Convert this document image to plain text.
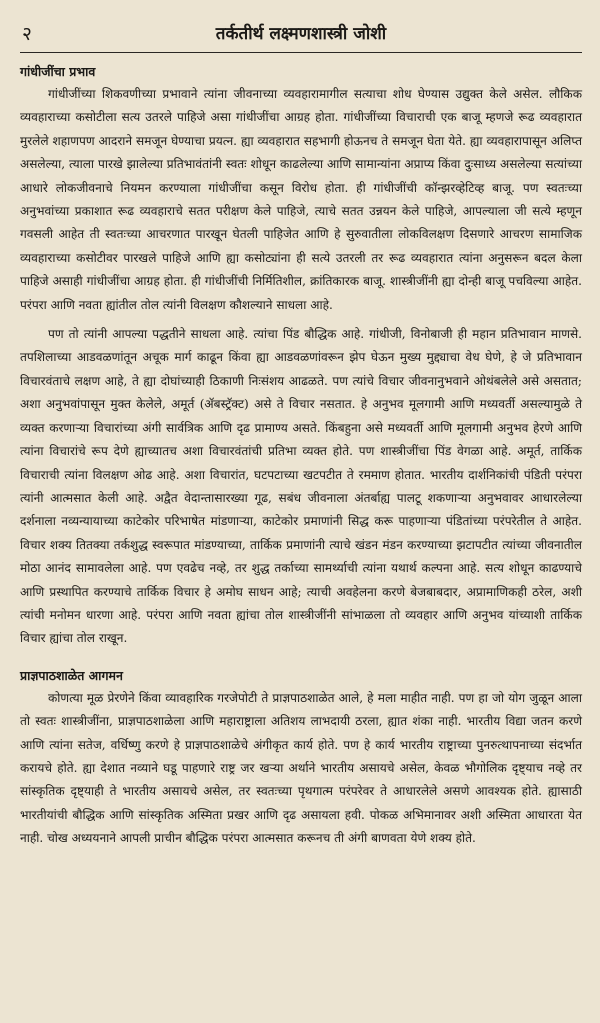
२	तर्कतीर्थ लक्ष्मणशास्त्री जोशी
गांधीजींचा प्रभाव

गांधीजींच्या शिकवणीच्या प्रभावाने त्यांना जीवनाच्या व्यवहारामागील सत्याचा शोध घेण्यास उद्युक्त केले असेल. लौकिक व्यवहाराच्या कसोटीला सत्य उतरले पाहिजे असा गांधीजींचा आग्रह होता. गांधीजींच्या विचाराची एक बाजू म्हणजे रूढ व्यवहारात मुरलेले शहाणपण आदराने समजून घेण्याचा प्रयत्न. ह्या व्यवहारात सहभागी होऊनच ते समजून घेता येते. ह्या व्यवहारापासून अलिप्त असलेल्या, त्याला पारखे झालेल्या प्रतिभावंतांनी स्वतः शोधून काढलेल्या आणि सामान्यांना अप्राप्य किंवा दुःसाध्य असलेल्या सत्यांच्या आधारे लोकजीवनाचे नियमन करण्याला गांधीजींचा कसून विरोध होता. ही गांधीजींची कॉन्झरव्हेटिव्ह बाजू. पण स्वतःच्या अनुभवांच्या प्रकाशात रूढ व्यवहाराचे सतत परीक्षण केले पाहिजे, त्याचे सतत उन्नयन केले पाहिजे, आपल्याला जी सत्ये म्हणून गवसली आहेत ती स्वतःच्या आचरणात पारखून घेतली पाहिजेत आणि हे सुरुवातीला लोकविलक्षण दिसणारे आचरण सामाजिक व्यवहाराच्या कसोटीवर पारखले पाहिजे आणि ह्या कसोट्यांना ही सत्ये उतरली तर रूढ व्यवहारात त्यांना अनुसरून बदल केला पाहिजे असाही गांधीजींचा आग्रह होता. ही गांधीजींची निर्मितिशील, क्रांतिकारक बाजू. शास्त्रीजींनी ह्या दोन्ही बाजू पचविल्या आहेत. परंपरा आणि नवता ह्यांतील तोल त्यांनी विलक्षण कौशल्याने साधला आहे.

पण तो त्यांनी आपल्या पद्धतीने साधला आहे. त्यांचा पिंड बौद्धिक आहे. गांधीजी, विनोबाजी ही महान प्रतिभावान माणसे. तपशिलाच्या आडवळणांतून अचूक मार्ग काढून किंवा ह्या आडवळणांवरून झेप घेऊन मुख्य मुद्द्याचा वेध घेणे, हे जे प्रतिभावान विचारवंताचे लक्षण आहे, ते ह्या दोघांच्याही ठिकाणी निःसंशय आढळते. पण त्यांचे विचार जीवनानुभवाने ओथंबलेले असे असतात; अशा अनुभवांपासून मुक्त केलेले, अमूर्त (ॲबस्ट्रॅक्ट) असे ते विचार नसतात. हे अनुभव मूलगामी आणि मध्यवर्ती असल्यामुळे ते व्यक्त करणाऱ्या विचारांच्या अंगी सार्वत्रिक आणि दृढ प्रामाण्य असते. किंबहुना असे मध्यवर्ती आणि मूलगामी अनुभव हेरणे आणि त्यांना विचारांचे रूप देणे ह्याच्यातच अशा विचारवंतांची प्रतिभा व्यक्त होते. पण शास्त्रीजींचा पिंड वेगळा आहे. अमूर्त, तार्किक विचाराची त्यांना विलक्षण ओढ आहे. अशा विचारांत, घटपटाच्या खटपटीत ते रममाण होतात. भारतीय दार्शनिकांची पंडिती परंपरा त्यांनी आत्मसात केली आहे. अद्वैत वेदान्तासारख्या गूढ, सबंध जीवनाला अंतर्बाह्य पालटू शकणाऱ्या अनुभवावर आधारलेल्या दर्शनाला नव्यन्यायाच्या काटेकोर परिभाषेत मांडणाऱ्या, काटेकोर प्रमाणांनी सिद्ध करू पाहणाऱ्या पंडितांच्या परंपरेतील ते आहेत. विचार शक्य तितक्या तर्कशुद्ध स्वरूपात मांडण्याच्या, तार्किक प्रमाणांनी त्याचे खंडन मंडन करण्याच्या झटापटीत त्यांच्या जीवनातील मोठा आनंद सामावलेला आहे. पण एवढेच नव्हे, तर शुद्ध तर्काच्या सामर्थ्याची त्यांना यथार्थ कल्पना आहे. सत्य शोधून काढण्याचे आणि प्रस्थापित करण्याचे तार्किक विचार हे अमोघ साधन आहे; त्याची अवहेलना करणे बेजबाबदार, अप्रामाणिकही ठरेल, अशी त्यांची मनोमन धारणा आहे. परंपरा आणि नवता ह्यांचा तोल शास्त्रीजींनी सांभाळला तो व्यवहार आणि अनुभव यांच्याशी तार्किक विचार ह्यांचा तोल राखून.

प्राज्ञपाठशाळेत आगमन

कोणत्या मूळ प्रेरणेने किंवा व्यावहारिक गरजेपोटी ते प्राज्ञपाठशाळेत आले, हे मला माहीत नाही. पण हा जो योग जुळून आला तो स्वतः शास्त्रीजींना, प्राज्ञपाठशाळेला आणि महाराष्ट्राला अतिशय लाभदायी ठरला, ह्यात शंका नाही. भारतीय विद्या जतन करणे आणि त्यांना सतेज, वर्धिष्णु करणे हे प्राज्ञपाठशाळेचे अंगीकृत कार्य होते. पण हे कार्य भारतीय राष्ट्राच्या पुनरुत्थापनाच्या संदर्भात करायचे होते. ह्या देशात नव्याने घडू पाहणारे राष्ट्र जर खऱ्या अर्थाने भारतीय असायचे असेल, केवळ भौगोलिक दृष्ट्याच नव्हे तर सांस्कृतिक दृष्ट्याही ते भारतीय असायचे असेल, तर स्वतःच्या पृथगात्म परंपरेवर ते आधारलेले असणे आवश्यक होते. ह्यासाठी भारतीयांची बौद्धिक आणि सांस्कृतिक अस्मिता प्रखर आणि दृढ असायला हवी. पोकळ अभिमानावर अशी अस्मिता आधारता येत नाही. चोख अध्ययनाने आपली प्राचीन बौद्धिक परंपरा आत्मसात करूनच ती अंगी बाणवता येणे शक्य होते.
